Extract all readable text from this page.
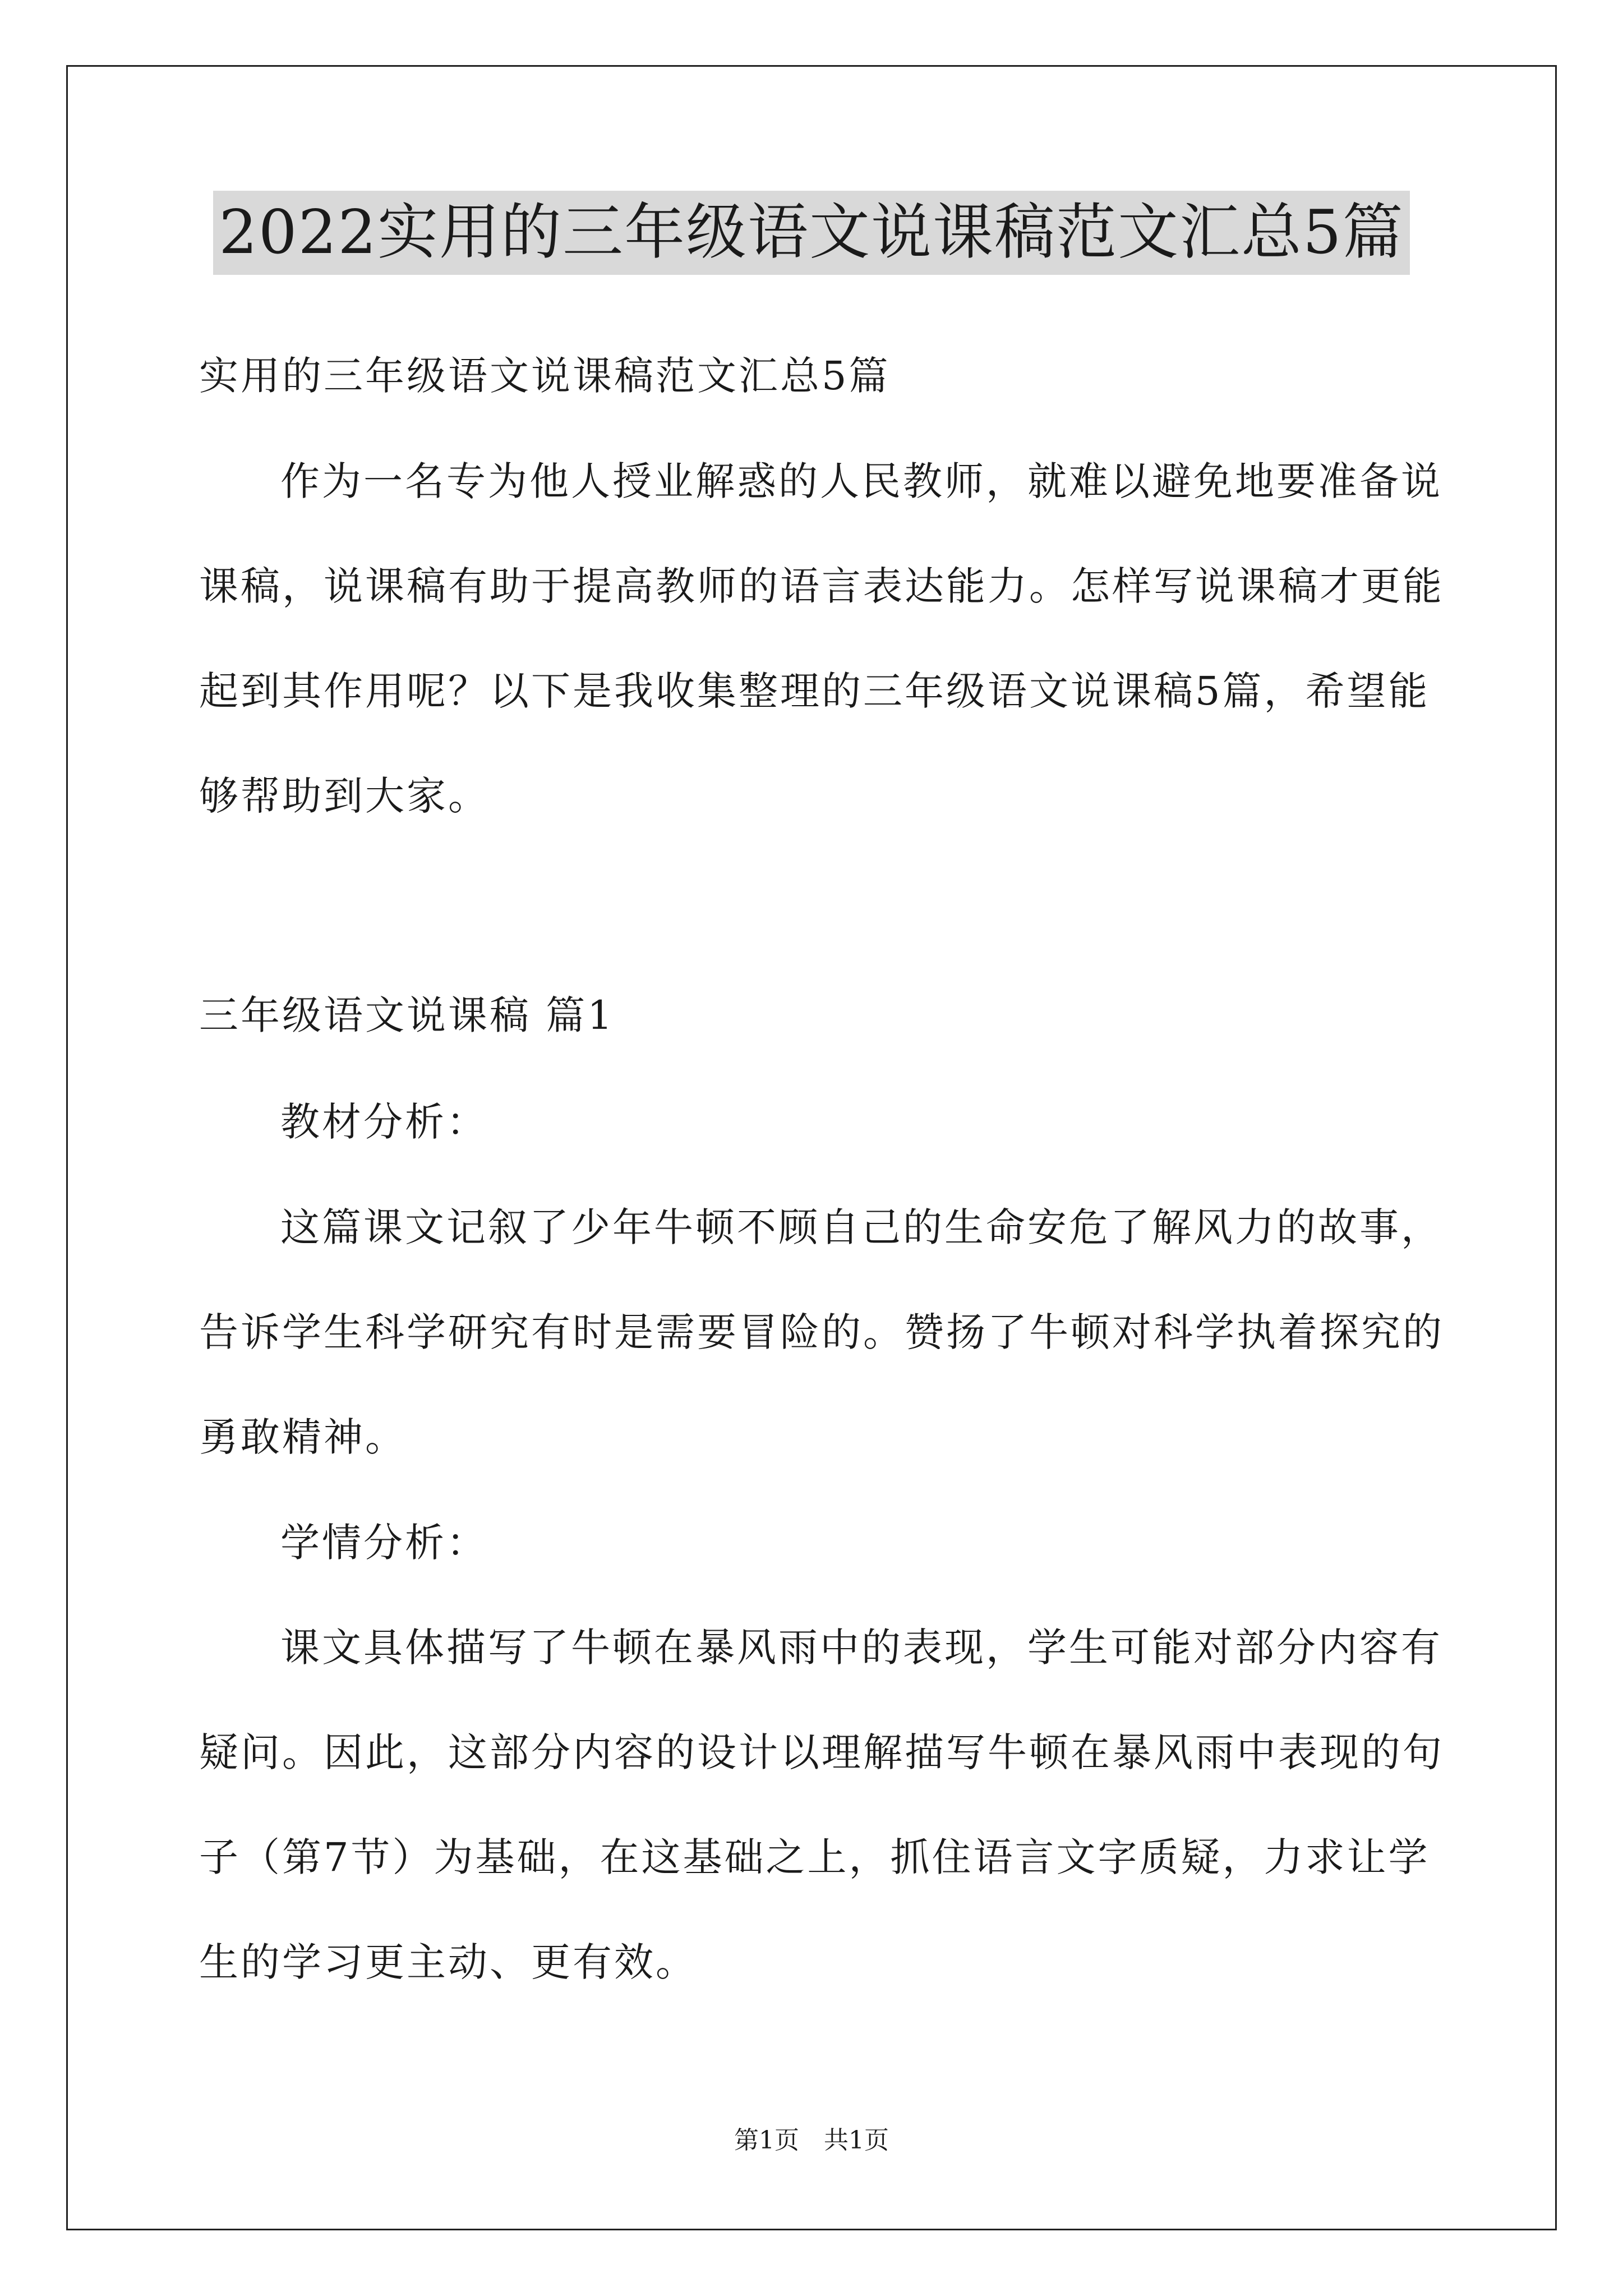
2022实用的三年级语文说课稿范文汇总5篇
实用的三年级语文说课稿范文汇总5篇
作为一名专为他人授业解惑的人民教师，就难以避免地要准备说
课稿，说课稿有助于提高教师的语言表达能力。怎样写说课稿才更能
起到其作用呢？以下是我收集整理的三年级语文说课稿5篇，希望能
够帮助到大家。
三年级语文说课稿 篇1
教材分析：
这篇课文记叙了少年牛顿不顾自己的生命安危了解风力的故事，
告诉学生科学研究有时是需要冒险的。赞扬了牛顿对科学执着探究的
勇敢精神。
学情分析：
课文具体描写了牛顿在暴风雨中的表现，学生可能对部分内容有
疑问。因此，这部分内容的设计以理解描写牛顿在暴风雨中表现的句
子（第7节）为基础，在这基础之上，抓住语言文字质疑，力求让学
生的学习更主动、更有效。
第1页　共1页
